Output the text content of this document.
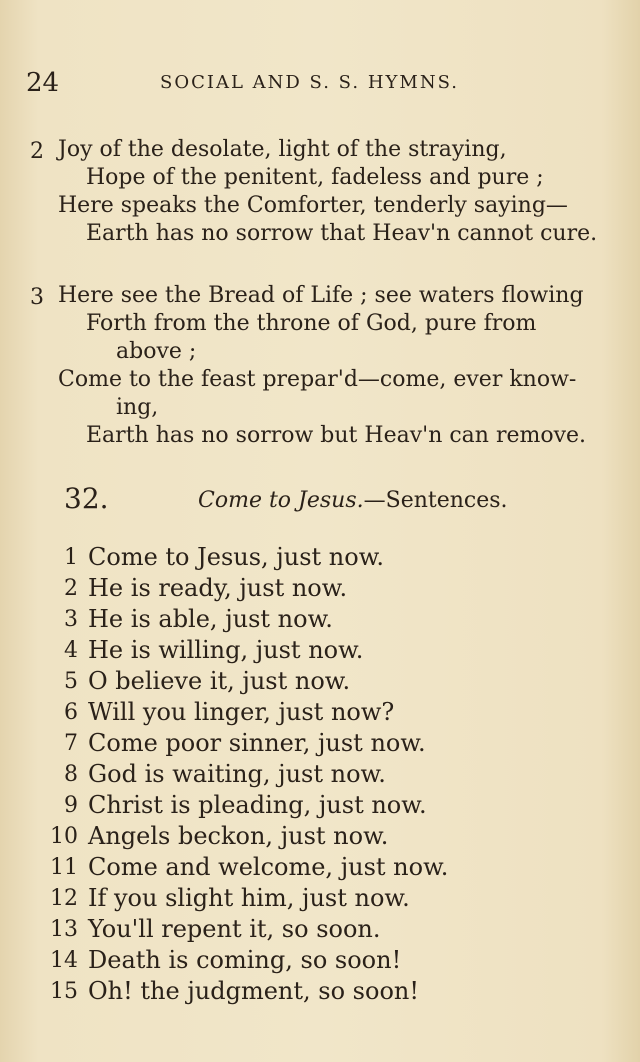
24	SOCIAL AND S. S. HYMNS.
2 Joy of the desolate, light of the straying,
Hope of the penitent, fadeless and pure ;
Here speaks the Comforter, tenderly saying—
Earth has no sorrow that Heav'n cannot cure.
3 Here see the Bread of Life ; see waters flowing
Forth from the throne of God, pure from
above ;
Come to the feast prepar'd—come, ever know-
ing,
Earth has no sorrow but Heav'n can remove.
32.	Come to Jesus.—Sentences.
1 Come to Jesus, just now.
2 He is ready, just now.
3 He is able, just now.
4 He is willing, just now.
5 O believe it, just now.
6 Will you linger, just now?
7 Come poor sinner, just now.
8 God is waiting, just now.
9 Christ is pleading, just now.
10 Angels beckon, just now.
11 Come and welcome, just now.
12 If you slight him, just now.
13 You'll repent it, so soon.
14 Death is coming, so soon!
15 Oh! the judgment, so soon!
